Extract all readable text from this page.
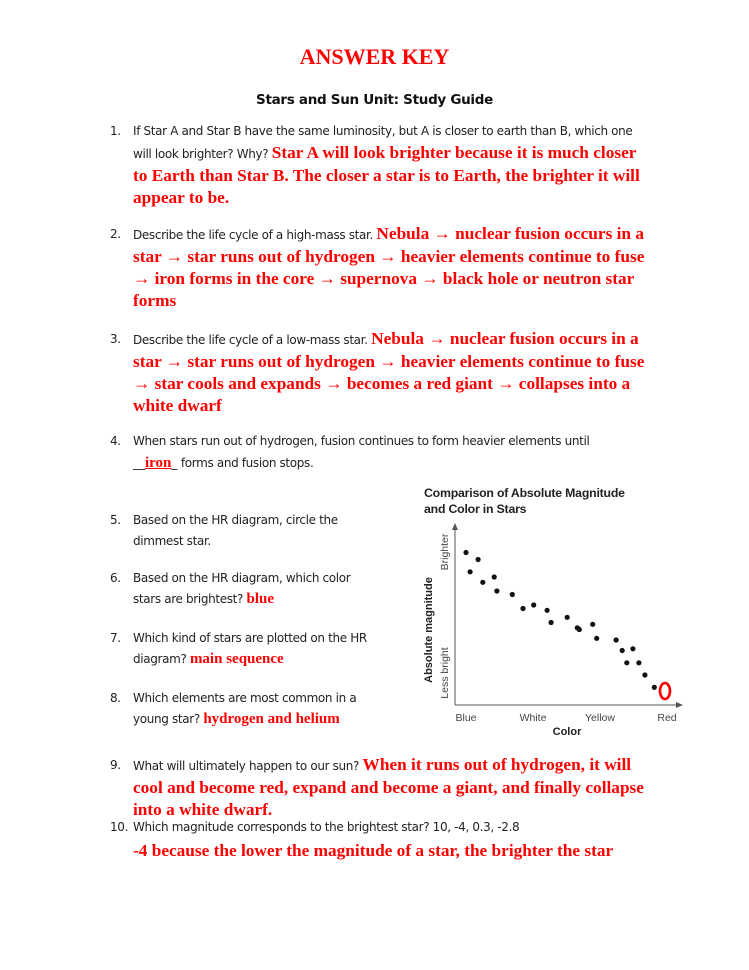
ANSWER KEY
Stars and Sun Unit: Study Guide
1. If Star A and Star B have the same luminosity, but A is closer to earth than B, which one
will look brighter? Why? Star A will look brighter because it is much closer
to Earth than Star B. The closer a star is to Earth, the brighter it will
appear to be.
2. Describe the life cycle of a high-mass star. Nebula → nuclear fusion occurs in a
star → star runs out of hydrogen → heavier elements continue to fuse
→ iron forms in the core → supernova → black hole or neutron star
forms
3. Describe the life cycle of a low-mass star. Nebula → nuclear fusion occurs in a
star → star runs out of hydrogen → heavier elements continue to fuse
→ star cools and expands → becomes a red giant → collapses into a
white dwarf
4. When stars run out of hydrogen, fusion continues to form heavier elements until
__iron_ forms and fusion stops.
5. Based on the HR diagram, circle the
dimmest star.
6. Based on the HR diagram, which color
stars are brightest? blue
7. Which kind of stars are plotted on the HR
diagram? main sequence
8. Which elements are most common in a
young star? hydrogen and helium
Comparison of Absolute Magnitude
and Color in Stars
Absolute magnitude
Brighter
Less bright
Blue	White	Yellow	Red
Color
9. What will ultimately happen to our sun? When it runs out of hydrogen, it will
cool and become red, expand and become a giant, and finally collapse
into a white dwarf.
10. Which magnitude corresponds to the brightest star? 10, -4, 0.3, -2.8
-4 because the lower the magnitude of a star, the brighter the star
